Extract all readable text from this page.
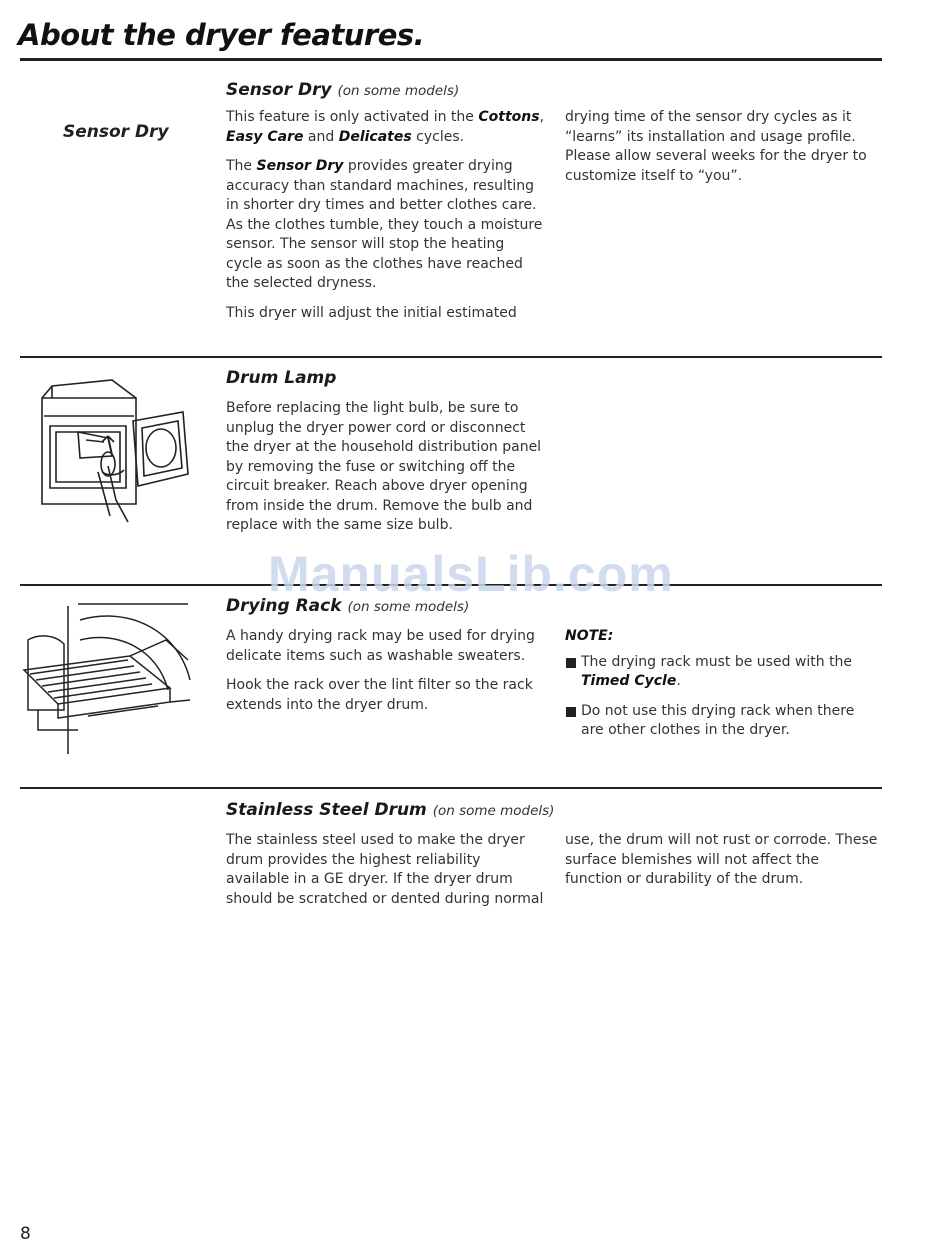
About the dryer features.
Sensor Dry
Sensor Dry (on some models)

This feature is only activated in the Cottons, Easy Care and Delicates cycles.

The Sensor Dry provides greater drying accuracy than standard machines, resulting in shorter dry times and better clothes care. As the clothes tumble, they touch a moisture sensor. The sensor will stop the heating cycle as soon as the clothes have reached the selected dryness.

This dryer will adjust the initial estimated

drying time of the sensor dry cycles as it “learns” its installation and usage profile. Please allow several weeks for the dryer to customize itself to “you”.

Drum Lamp

Before replacing the light bulb, be sure to unplug the dryer power cord or disconnect the dryer at the household distribution panel by removing the fuse or switching off the circuit breaker. Reach above dryer opening from inside the drum. Remove the bulb and replace with the same size bulb.

ManualsLib.com
Drying Rack (on some models)

A handy drying rack may be used for drying delicate items such as washable sweaters.

Hook the rack over the lint filter so the rack extends into the dryer drum.

NOTE:
The drying rack must be used with the Timed Cycle.
Do not use this drying rack when there are other clothes in the dryer.
Stainless Steel Drum (on some models)

The stainless steel used to make the dryer drum provides the highest reliability available in a GE dryer. If the dryer drum should be scratched or dented during normal

use, the drum will not rust or corrode. These surface blemishes will not affect the function or durability of the drum.

8
